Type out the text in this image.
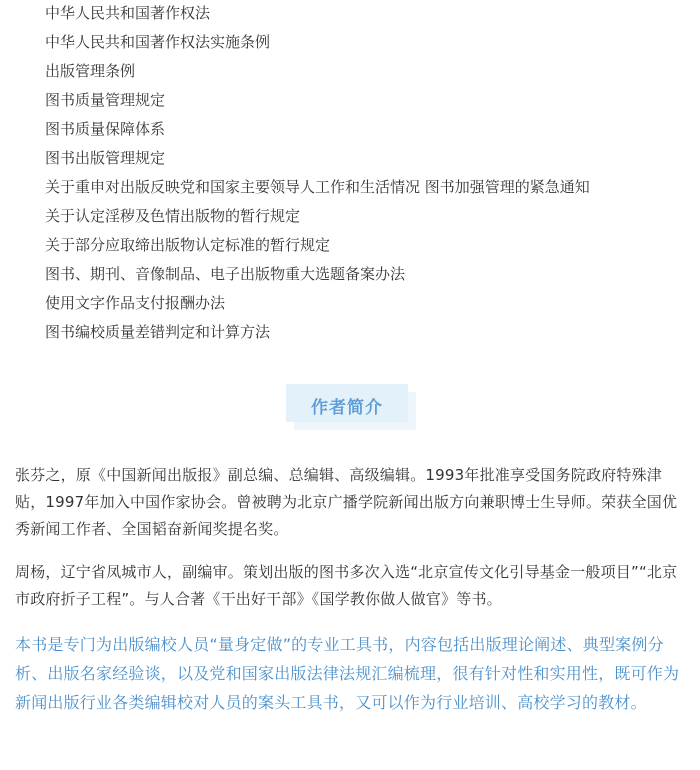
中华人民共和国著作权法
中华人民共和国著作权法实施条例
出版管理条例
图书质量管理规定
图书质量保障体系
图书出版管理规定
关于重申对出版反映党和国家主要领导人工作和生活情况 图书加强管理的紧急通知
关于认定淫秽及色情出版物的暂行规定
关于部分应取缔出版物认定标准的暂行规定
图书、期刊、音像制品、电子出版物重大选题备案办法
使用文字作品支付报酬办法
图书编校质量差错判定和计算方法
作者简介

张芬之，原《中国新闻出版报》副总编、总编辑、高级编辑。1993年批准享受国务院政府特殊津贴，1997年加入中国作家协会。曾被聘为北京广播学院新闻出版方向兼职博士生导师。荣获全国优秀新闻工作者、全国韬奋新闻奖提名奖。

周杨，辽宁省凤城市人，副编审。策划出版的图书多次入选“北京宣传文化引导基金一般项目”“北京市政府折子工程”。与人合著《干出好干部》《国学教你做人做官》等书。

本书是专门为出版编校人员“量身定做”的专业工具书，内容包括出版理论阐述、典型案例分析、出版名家经验谈，以及党和国家出版法律法规汇编梳理，很有针对性和实用性，既可作为新闻出版行业各类编辑校对人员的案头工具书，又可以作为行业培训、高校学习的教材。
